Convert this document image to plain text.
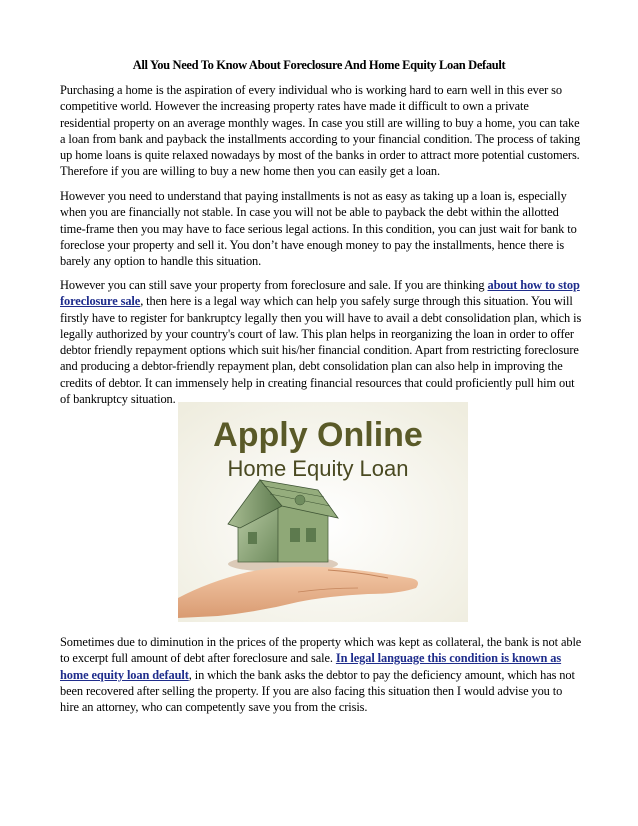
All You Need To Know About Foreclosure And Home Equity Loan Default

Purchasing a home is the aspiration of every individual who is working hard to earn well in this ever so competitive world. However the increasing property rates have made it difficult to own a private residential property on an average monthly wages. In case you still are willing to buy a home, you can take a loan from bank and payback the installments according to your financial condition. The process of taking up home loans is quite relaxed nowadays by most of the banks in order to attract more potential customers. Therefore if you are willing to buy a new home then you can easily get a loan.

However you need to understand that paying installments is not as easy as taking up a loan is, especially when you are financially not stable. In case you will not be able to payback the debt within the allotted time-frame then you may have to face serious legal actions. In this condition, you can just wait for bank to foreclose your property and sell it. You don’t have enough money to pay the installments, hence there is barely any option to handle this situation.

However you can still save your property from foreclosure and sale. If you are thinking about how to stop foreclosure sale, then here is a legal way which can help you safely surge through this situation. You will firstly have to register for bankruptcy legally then you will have to avail a debt consolidation plan, which is legally authorized by your country's court of law. This plan helps in reorganizing the loan in order to offer debtor friendly repayment options which suit his/her financial condition. Apart from restricting foreclosure and producing a debtor-friendly repayment plan, debt consolidation plan can also help in improving the credits of debtor. It can immensely help in creating financial resources that could proficiently pull him out of bankruptcy situation.

Apply Online
Home Equity Loan

Sometimes due to diminution in the prices of the property which was kept as collateral, the bank is not able to excerpt full amount of debt after foreclosure and sale. In legal language this condition is known as home equity loan default, in which the bank asks the debtor to pay the deficiency amount, which has not been recovered after selling the property. If you are also facing this situation then I would advise you to hire an attorney, who can competently save you from the crisis.
